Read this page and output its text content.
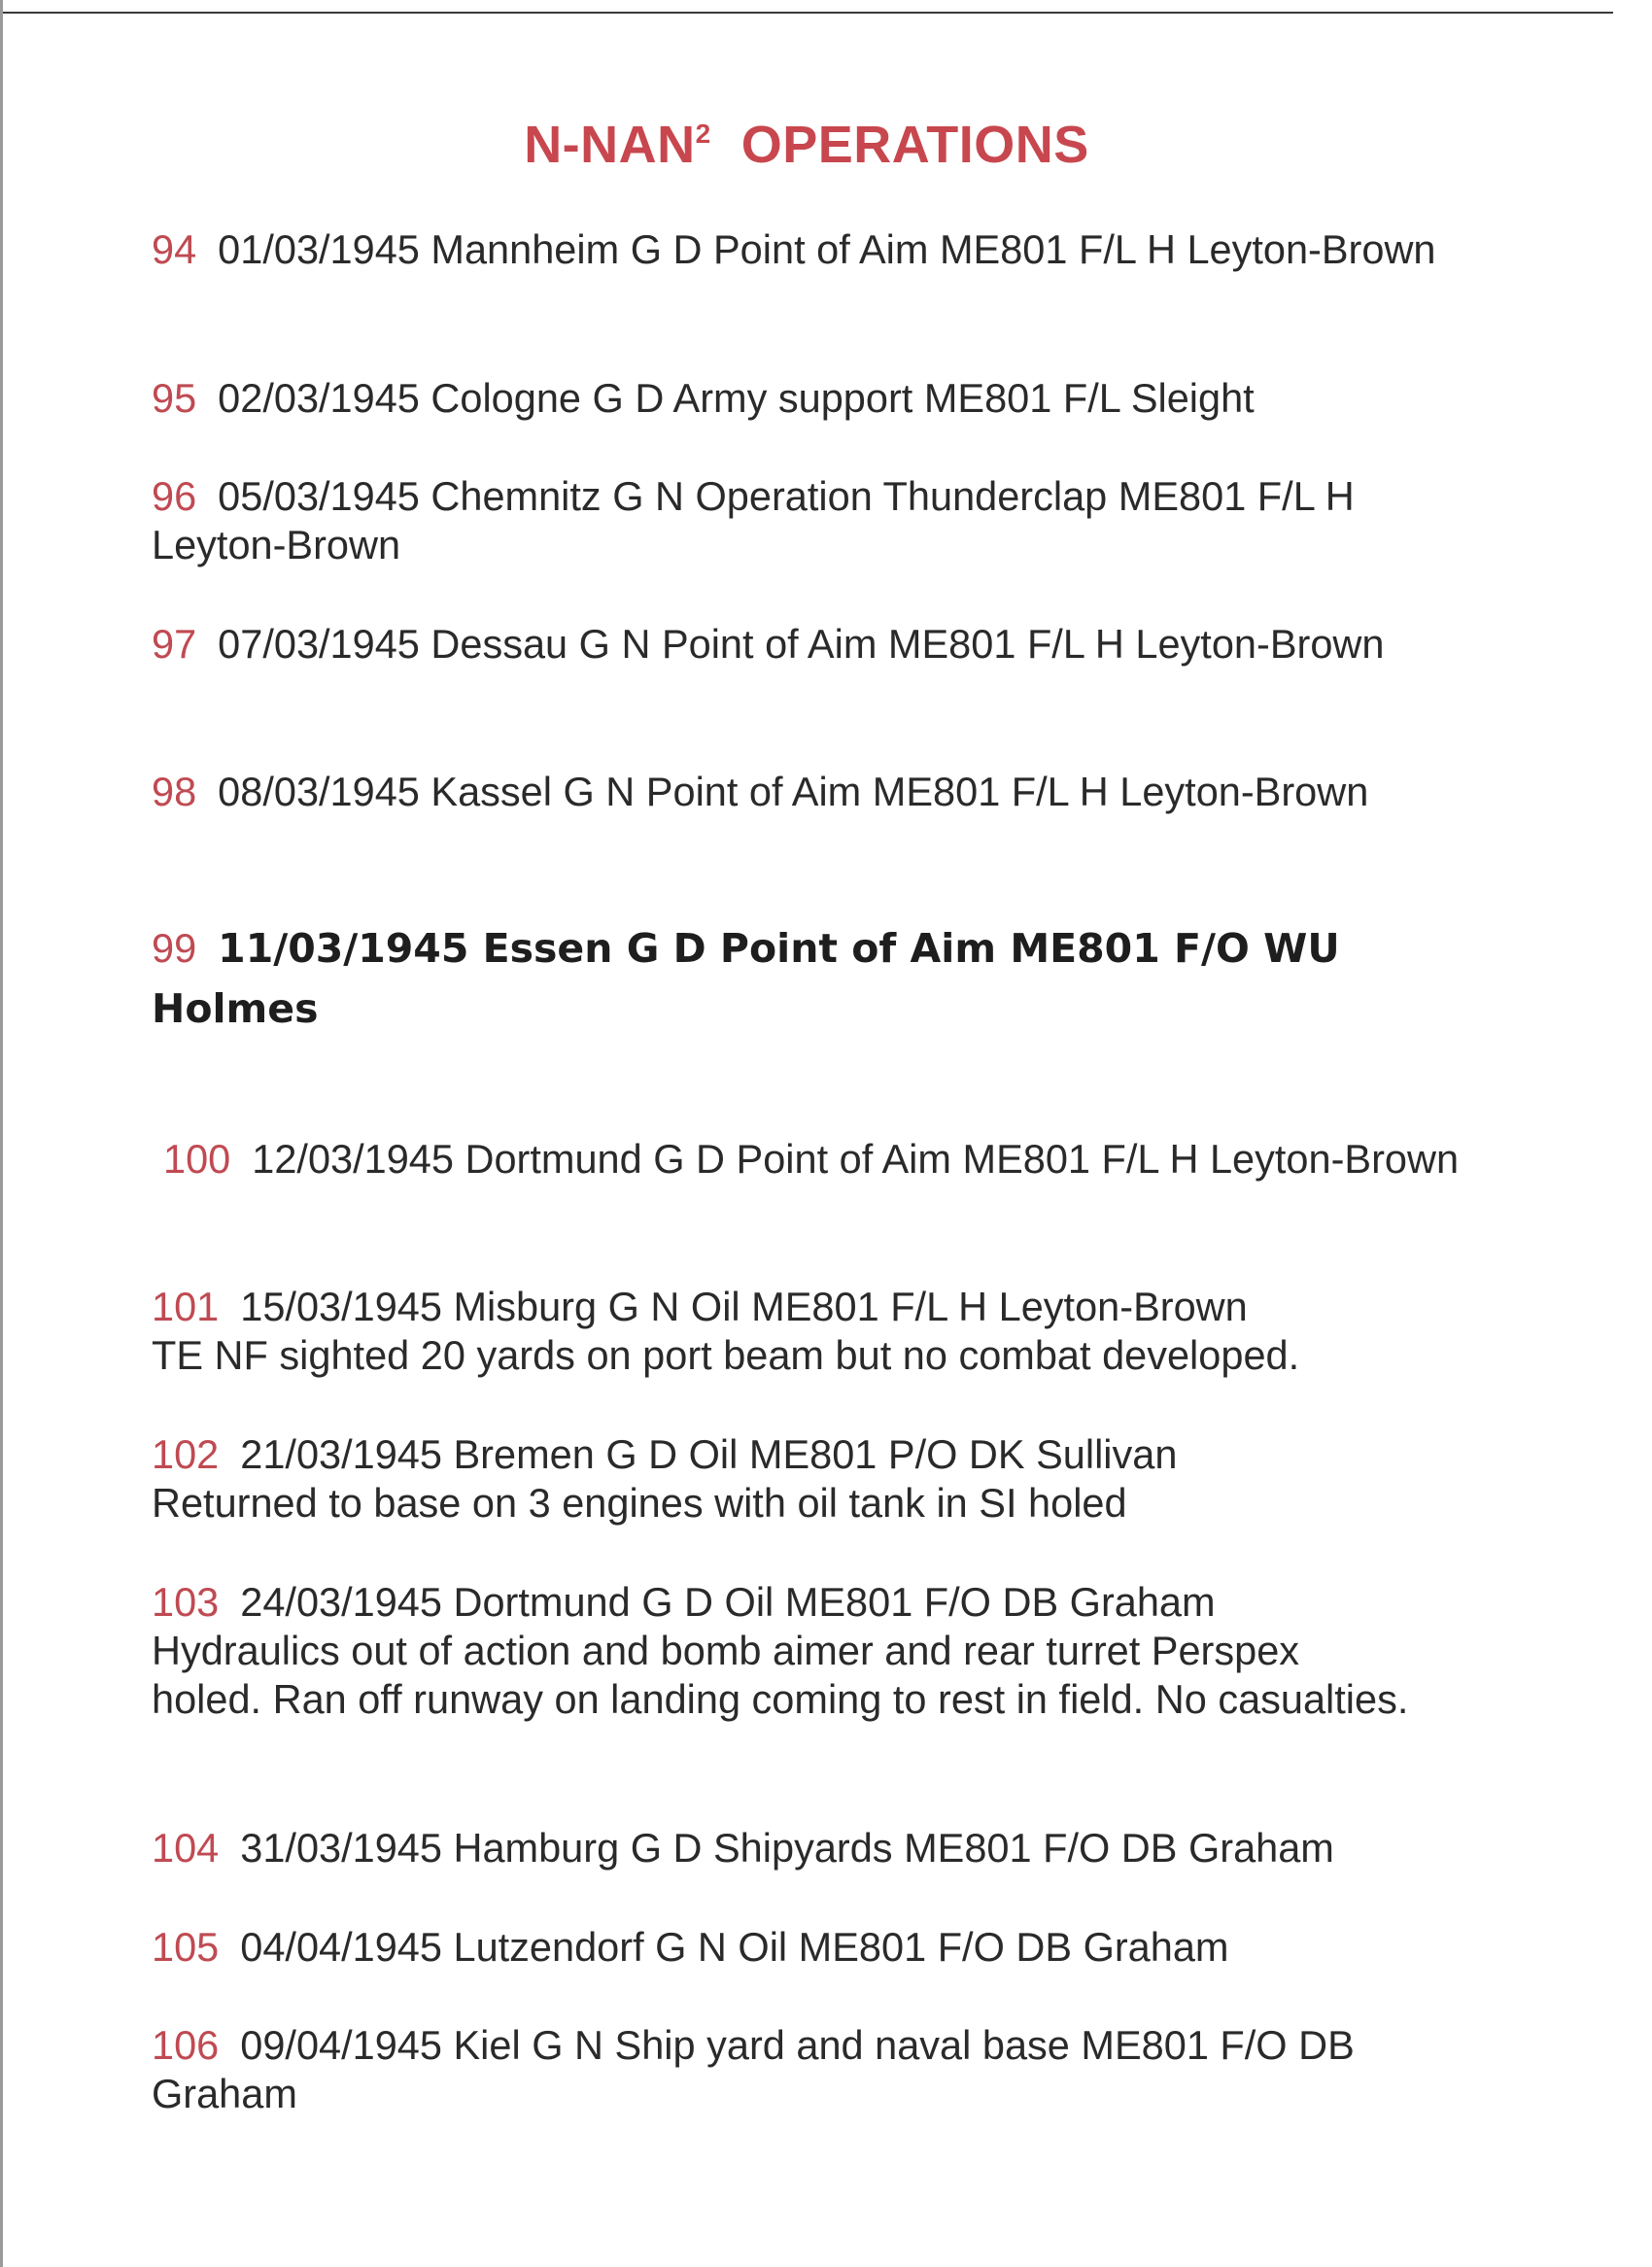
N-NAN$^2$ OPERATIONS
94 01/03/1945 Mannheim G D Point of Aim ME801 F/L H Leyton-Brown
95 02/03/1945 Cologne G D Army support ME801 F/L Sleight
96 05/03/1945 Chemnitz G N Operation Thunderclap ME801 F/L H Leyton-Brown
97 07/03/1945 Dessau G N Point of Aim ME801 F/L H Leyton-Brown
98 08/03/1945 Kassel G N Point of Aim ME801 F/L H Leyton-Brown
99 11/03/1945 Essen G D Point of Aim ME801 F/O WU Holmes
100 12/03/1945 Dortmund G D Point of Aim ME801 F/L H Leyton-Brown
101 15/03/1945 Misburg G N Oil ME801 F/L H Leyton-Brown
TE NF sighted 20 yards on port beam but no combat developed.
102 21/03/1945 Bremen G D Oil ME801 P/O DK Sullivan
Returned to base on 3 engines with oil tank in SI holed
103 24/03/1945 Dortmund G D Oil ME801 F/O DB Graham
Hydraulics out of action and bomb aimer and rear turret Perspex holed. Ran off runway on landing coming to rest in field. No casualties.
104 31/03/1945 Hamburg G D Shipyards ME801 F/O DB Graham
105 04/04/1945 Lutzendorf G N Oil ME801 F/O DB Graham
106 09/04/1945 Kiel G N Ship yard and naval base ME801 F/O DB Graham
